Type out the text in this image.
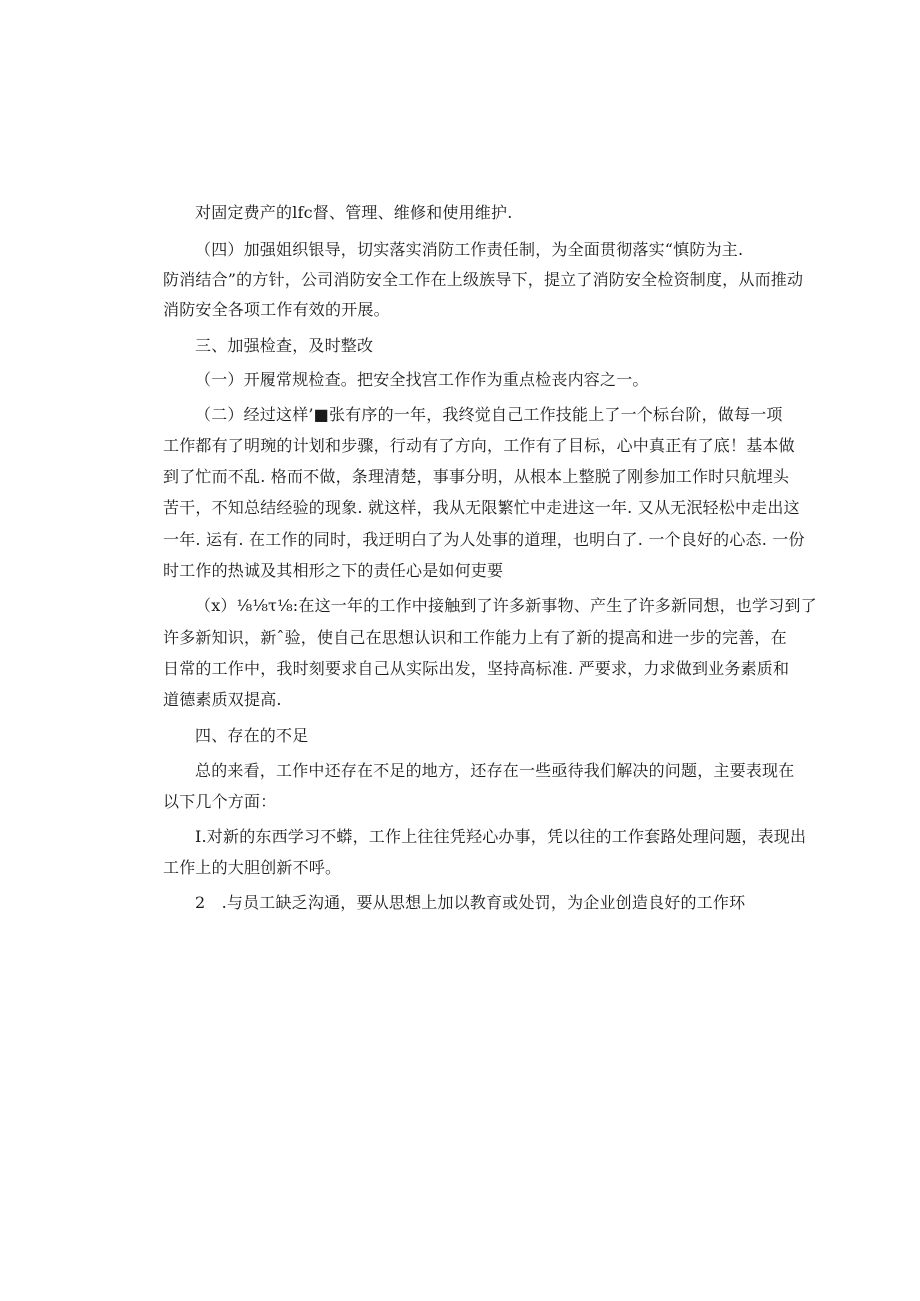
对固定费产的lfc督、管理、维修和使用维护.
（四）加强姐织银导，切实落实消防工作责任制，为全面贯彻落实“慎防为主.
防消结合”的方针，公司消防安全工作在上级族导下，提立了消防安全检资制度，从而推动
消防安全各项工作有效的开展。
三、加强检查，及时整改
（一）开履常规检查。把安全找宫工作作为重点检丧内容之一。
（二）经过这样’■张有序的一年，我终觉自己工作技能上了一个标台阶，做每一项
工作都有了明琬的计划和步骤，行动有了方向，工作有了目标，心中真正有了底！基本做
到了忙而不乱. 格而不做，条理清楚，事事分明，从根本上整脱了刚参加工作时只航埋头
苦干，不知总结经验的现象. 就这样，我从无限繁忙中走进这一年. 又从无泯轻松中走出这
一年. 运有. 在工作的同时，我迂明白了为人处事的道理，也明白了. 一个良好的心态. 一份
时工作的热诚及其相形之下的责任心是如何吏要
（x）⅛⅛τ⅛:在这一年的工作中接触到了许多新事物、产生了许多新同想，也学习到了
许多新知识，新ˆ验，使自己在思想认识和工作能力上有了新的提高和进一步的完善，在
日常的工作中，我时刻要求自己从实际出发，坚持高标准. 严要求，力求做到业务素质和
道德素质双提高.
四、存在的不足
总的来看，工作中还存在不足的地方，还存在一些亟待我们解决的问题，主要表现在
以下几个方面：
I.对新的东西学习不蟒，工作上往往凭羟心办事，凭以往的工作套路处理问题，表现出
工作上的大胆创新不呼。
2　.与员工缺乏沟通，要从思想上加以教育或处罚，为企业创造良好的工作环
